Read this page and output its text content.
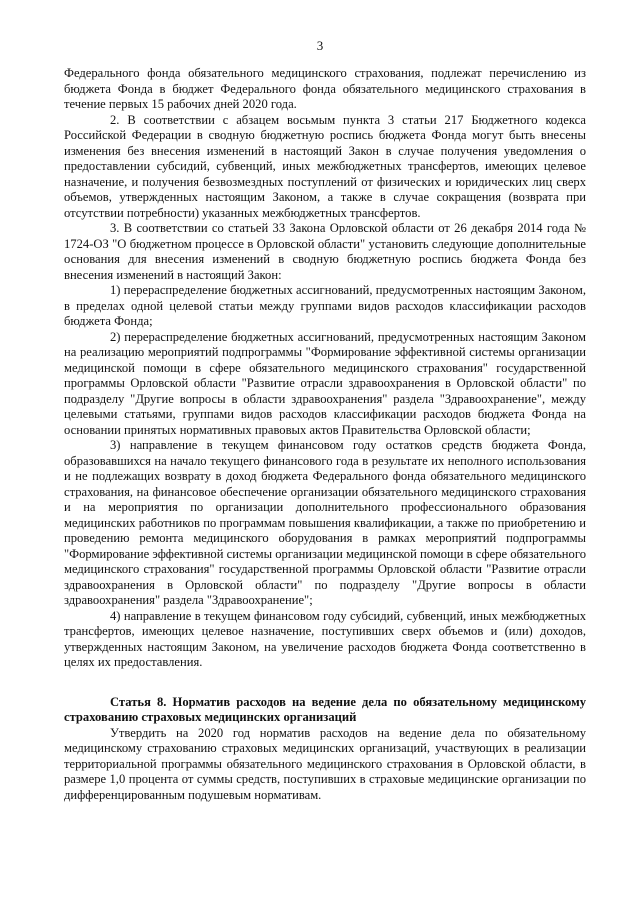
3

Федерального фонда обязательного медицинского страхования, подлежат перечислению из бюджета Фонда в бюджет Федерального фонда обязательного медицинского страхования в течение первых 15 рабочих дней 2020 года.

2. В соответствии с абзацем восьмым пункта 3 статьи 217 Бюджетного кодекса Российской Федерации в сводную бюджетную роспись бюджета Фонда могут быть внесены изменения без внесения изменений в настоящий Закон в случае получения уведомления о предоставлении субсидий, субвенций, иных межбюджетных трансфертов, имеющих целевое назначение, и получения безвозмездных поступлений от физических и юридических лиц сверх объемов, утвержденных настоящим Законом, а также в случае сокращения (возврата при отсутствии потребности) указанных межбюджетных трансфертов.

3. В соответствии со статьей 33 Закона Орловской области от 26 декабря 2014 года № 1724-ОЗ "О бюджетном процессе в Орловской области" установить следующие дополнительные основания для внесения изменений в сводную бюджетную роспись бюджета Фонда без внесения изменений в настоящий Закон:

1) перераспределение бюджетных ассигнований, предусмотренных настоящим Законом, в пределах одной целевой статьи между группами видов расходов классификации расходов бюджета Фонда;

2) перераспределение бюджетных ассигнований, предусмотренных настоящим Законом на реализацию мероприятий подпрограммы "Формирование эффективной системы организации медицинской помощи в сфере обязательного медицинского страхования" государственной программы Орловской области "Развитие отрасли здравоохранения в Орловской области" по подразделу "Другие вопросы в области здравоохранения" раздела "Здравоохранение", между целевыми статьями, группами видов расходов классификации расходов бюджета Фонда на основании принятых нормативных правовых актов Правительства Орловской области;

3) направление в текущем финансовом году остатков средств бюджета Фонда, образовавшихся на начало текущего финансового года в результате их неполного использования и не подлежащих возврату в доход бюджета Федерального фонда обязательного медицинского страхования, на финансовое обеспечение организации обязательного медицинского страхования и на мероприятия по организации дополнительного профессионального образования медицинских работников по программам повышения квалификации, а также по приобретению и проведению ремонта медицинского оборудования в рамках мероприятий подпрограммы "Формирование эффективной системы организации медицинской помощи в сфере обязательного медицинского страхования" государственной программы Орловской области "Развитие отрасли здравоохранения в Орловской области" по подразделу "Другие вопросы в области здравоохранения" раздела "Здравоохранение";

4) направление в текущем финансовом году субсидий, субвенций, иных межбюджетных трансфертов, имеющих целевое назначение, поступивших сверх объемов и (или) доходов, утвержденных настоящим Законом, на увеличение расходов бюджета Фонда соответственно в целях их предоставления.

Статья 8. Норматив расходов на ведение дела по обязательному медицинскому страхованию страховых медицинских организаций

Утвердить на 2020 год норматив расходов на ведение дела по обязательному медицинскому страхованию страховых медицинских организаций, участвующих в реализации территориальной программы обязательного медицинского страхования в Орловской области, в размере 1,0 процента от суммы средств, поступивших в страховые медицинские организации по дифференцированным подушевым нормативам.
